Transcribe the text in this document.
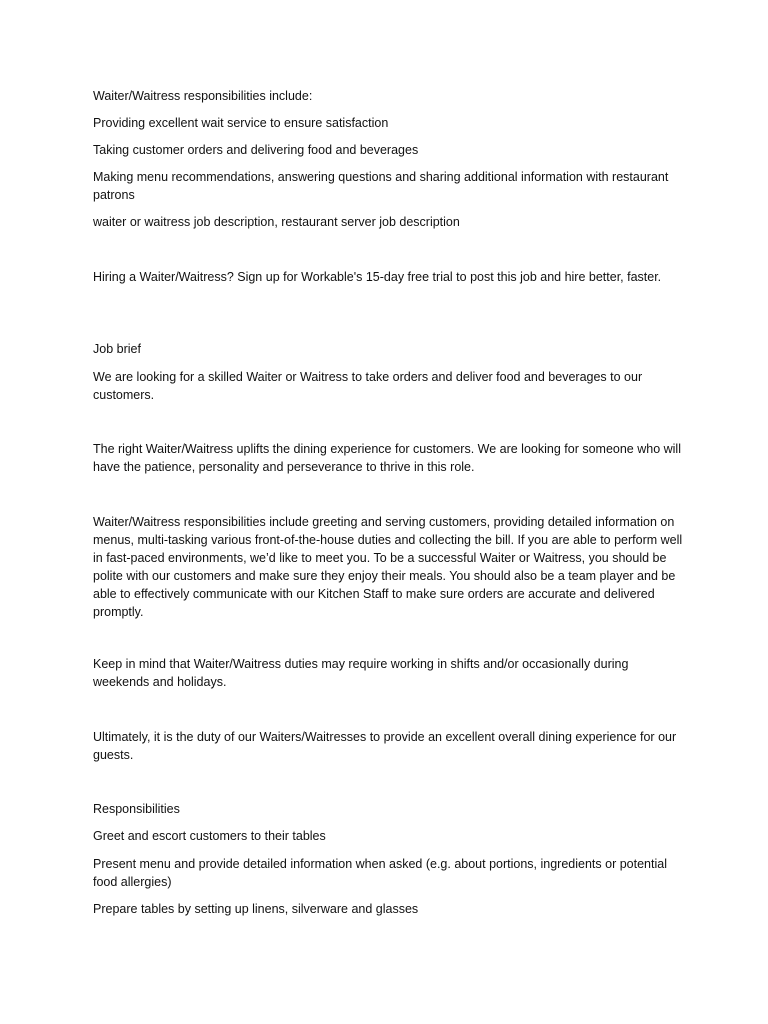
Waiter/Waitress responsibilities include:

Providing excellent wait service to ensure satisfaction

Taking customer orders and delivering food and beverages

Making menu recommendations, answering questions and sharing additional information with restaurant patrons

waiter or waitress job description, restaurant server job description

Hiring a Waiter/Waitress? Sign up for Workable's 15-day free trial to post this job and hire better, faster.

Job brief

We are looking for a skilled Waiter or Waitress to take orders and deliver food and beverages to our customers.

The right Waiter/Waitress uplifts the dining experience for customers. We are looking for someone who will have the patience, personality and perseverance to thrive in this role.

Waiter/Waitress responsibilities include greeting and serving customers, providing detailed information on menus, multi-tasking various front-of-the-house duties and collecting the bill. If you are able to perform well in fast-paced environments, we’d like to meet you. To be a successful Waiter or Waitress, you should be polite with our customers and make sure they enjoy their meals. You should also be a team player and be able to effectively communicate with our Kitchen Staff to make sure orders are accurate and delivered promptly.

Keep in mind that Waiter/Waitress duties may require working in shifts and/or occasionally during weekends and holidays.

Ultimately, it is the duty of our Waiters/Waitresses to provide an excellent overall dining experience for our guests.

Responsibilities

Greet and escort customers to their tables

Present menu and provide detailed information when asked (e.g. about portions, ingredients or potential food allergies)

Prepare tables by setting up linens, silverware and glasses
